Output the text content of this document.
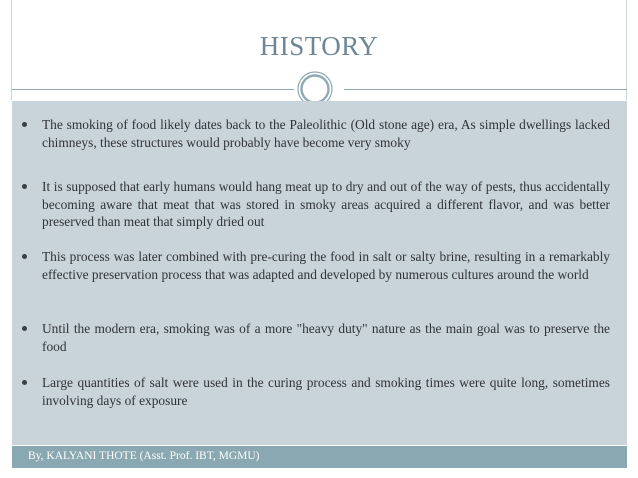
HISTORY
The smoking of food likely dates back to the Paleolithic (Old stone age) era, As simple dwellings lacked chimneys, these structures would probably have become very smoky
It is supposed that early humans would hang meat up to dry and out of the way of pests, thus accidentally becoming aware that meat that was stored in smoky areas acquired a different flavor, and was better preserved than meat that simply dried out
This process was later combined with pre-curing the food in salt or salty brine, resulting in a remarkably effective preservation process that was adapted and developed by numerous cultures around the world
Until the modern era, smoking was of a more "heavy duty" nature as the main goal was to preserve the food
Large quantities of salt were used in the curing process and smoking times were quite long, sometimes involving days of exposure
By, KALYANI THOTE (Asst. Prof. IBT, MGMU)
